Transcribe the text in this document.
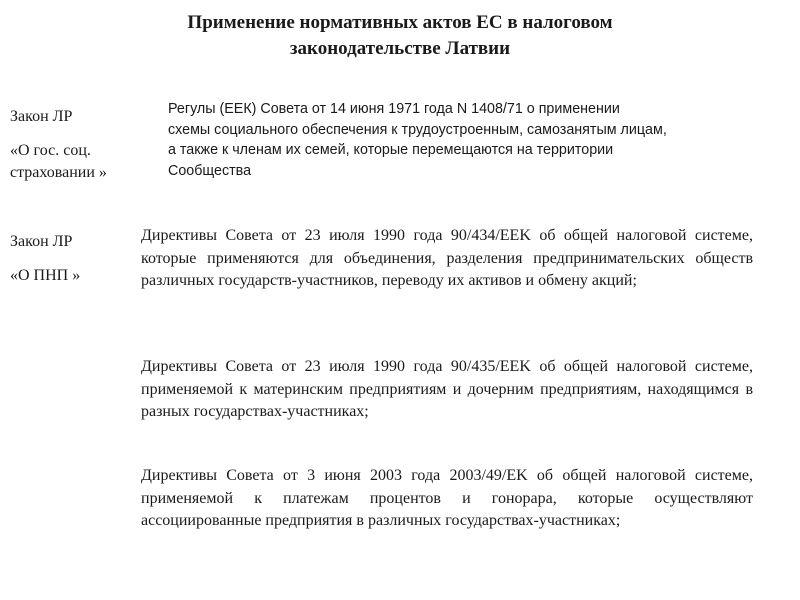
Применение нормативных актов ЕС в налоговом
законодательстве Латвии

Закон ЛР

«О гос. соц.

страховании »

Регулы (ЕЕК) Совета от 14 июня 1971 года N 1408/71 о применении
схемы социального обеспечения к трудоустроенным, самозанятым лицам,
а также к членам их семей, которые перемещаются на территории
Сообщества

Закон ЛР

«О ПНП »

Директивы Совета от 23 июля 1990 года 90/434/EEK об общей налоговой системе, которые применяются для объединения, разделения предпринимательских обществ различных государств-участников, переводу их активов и обмену акций;

Директивы Совета от 23 июля 1990 года 90/435/EEK об общей налоговой системе, применяемой к материнским предприятиям и дочерним предприятиям, находящимся в разных государствах-участниках;

Директивы Совета от 3 июня 2003 года 2003/49/EK об общей налоговой системе, применяемой к платежам процентов и гонорара, которые осуществляют ассоциированные предприятия в различных государствах-участниках;
